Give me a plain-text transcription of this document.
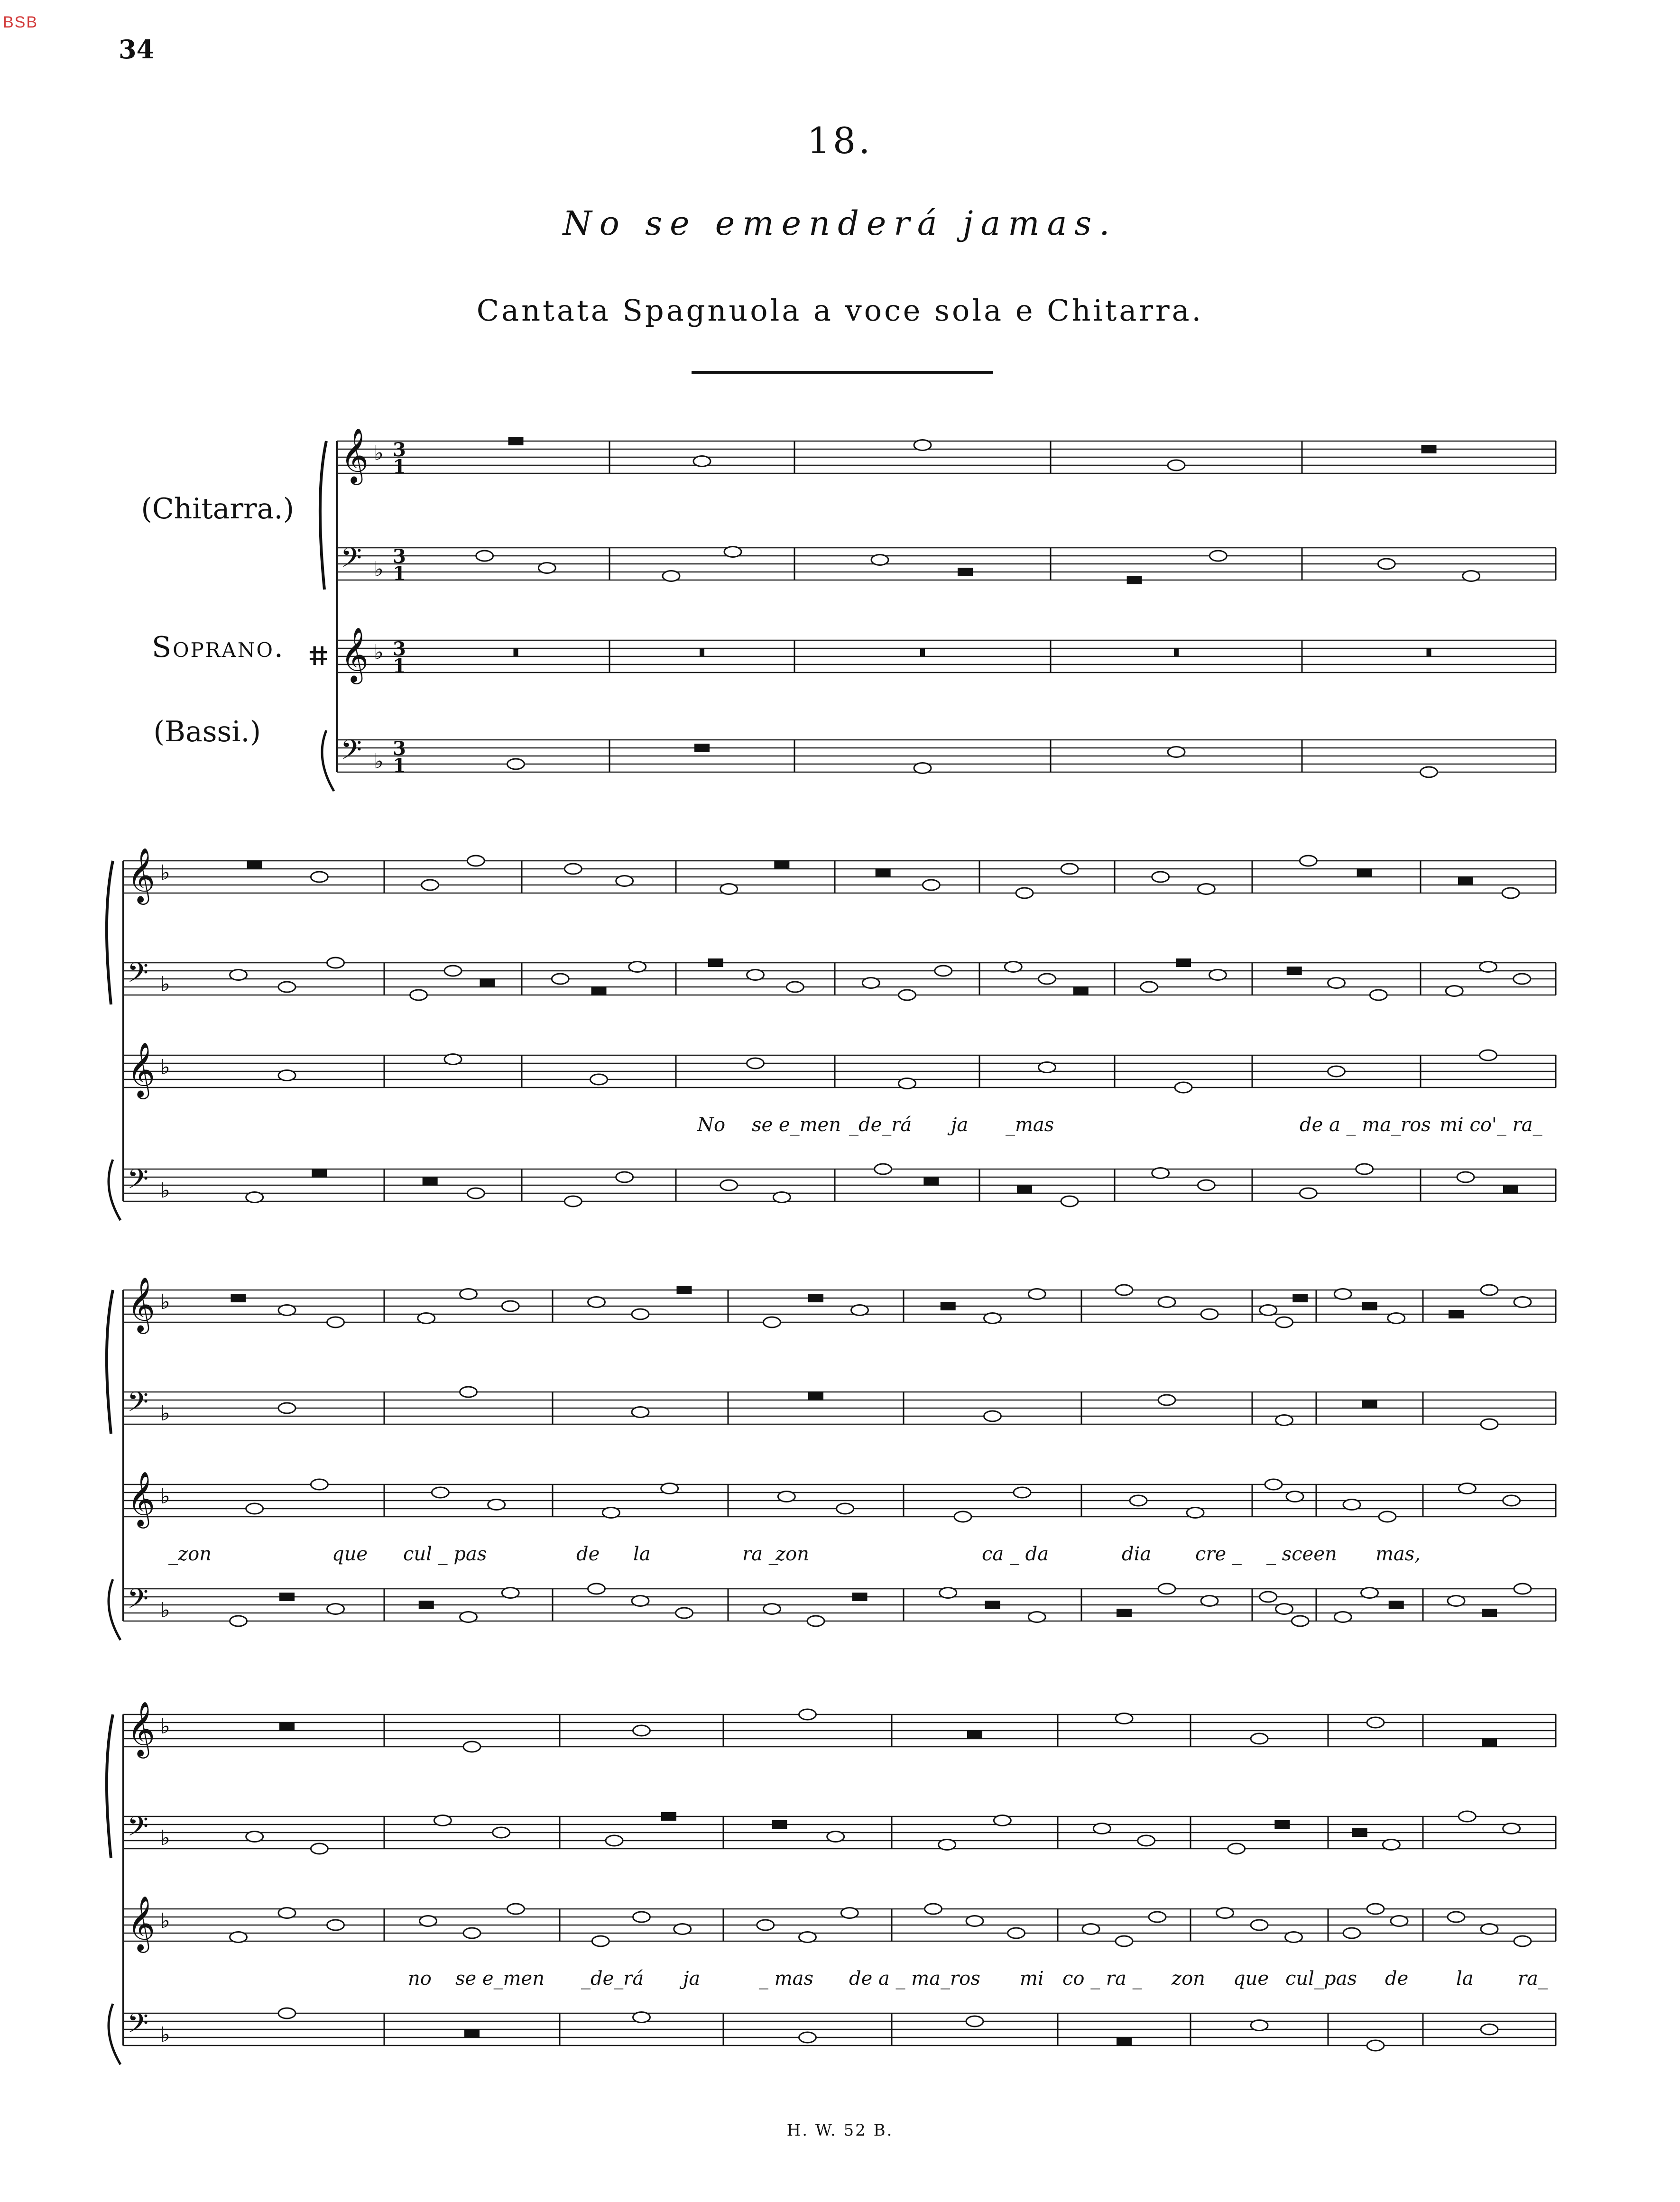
BSB
34
18.
No se emenderá jamas.
Cantata Spagnuola a voce sola e Chitarra.
(Chitarra.)
Soprano.
(Bassi.)
𝄞 ♭ 3
1
𝄢 ♭
3
1
𝄞 ♭ 3
1
𝄢 ♭
3
1
𝄞 ♭
𝄢 ♭
𝄞 ♭
𝄢 ♭
𝄞 ♭
𝄢 ♭
𝄞 ♭
𝄢 ♭
𝄞 ♭
𝄢 ♭
𝄞 ♭
𝄢 ♭
ⵌ
No se e_men _de_rá ja _mas	de a _ ma_ros mi co'_ ra_
_zon	que cul _ pas	de la	ra _
zon	ca _ da	dia cre _ _ sceen mas,
no se e_men _de_rá ja	_ mas de a _ ma_ros mi co _ ra _ zon que cul_pas de	la ra_
H. W. 52 B.
